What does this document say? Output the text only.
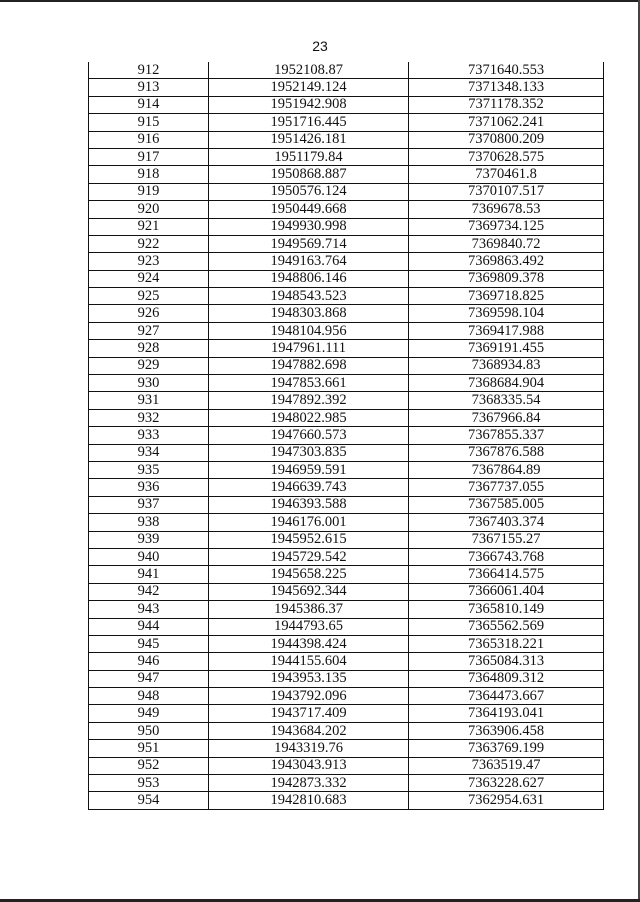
23
912	1952108.87	7371640.553
913	1952149.124	7371348.133
914	1951942.908	7371178.352
915	1951716.445	7371062.241
916	1951426.181	7370800.209
917	1951179.84	7370628.575
918	1950868.887	7370461.8
919	1950576.124	7370107.517
920	1950449.668	7369678.53
921	1949930.998	7369734.125
922	1949569.714	7369840.72
923	1949163.764	7369863.492
924	1948806.146	7369809.378
925	1948543.523	7369718.825
926	1948303.868	7369598.104
927	1948104.956	7369417.988
928	1947961.111	7369191.455
929	1947882.698	7368934.83
930	1947853.661	7368684.904
931	1947892.392	7368335.54
932	1948022.985	7367966.84
933	1947660.573	7367855.337
934	1947303.835	7367876.588
935	1946959.591	7367864.89
936	1946639.743	7367737.055
937	1946393.588	7367585.005
938	1946176.001	7367403.374
939	1945952.615	7367155.27
940	1945729.542	7366743.768
941	1945658.225	7366414.575
942	1945692.344	7366061.404
943	1945386.37	7365810.149
944	1944793.65	7365562.569
945	1944398.424	7365318.221
946	1944155.604	7365084.313
947	1943953.135	7364809.312
948	1943792.096	7364473.667
949	1943717.409	7364193.041
950	1943684.202	7363906.458
951	1943319.76	7363769.199
952	1943043.913	7363519.47
953	1942873.332	7363228.627
954	1942810.683	7362954.631
